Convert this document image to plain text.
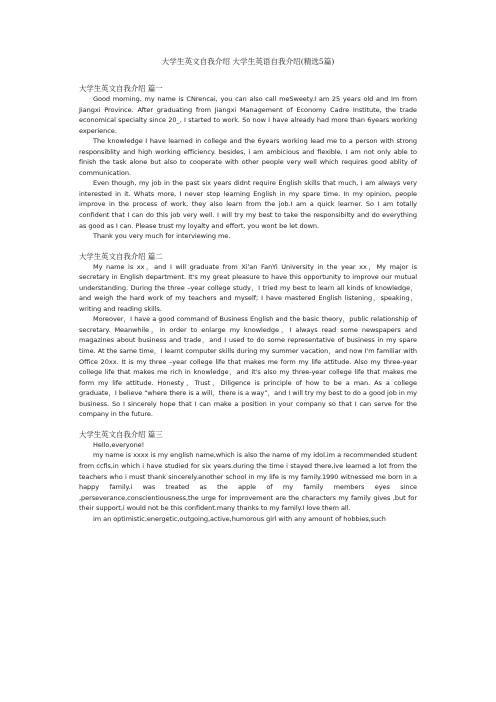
大学生英文自我介绍 大学生英语自我介绍(精选5篇)

大学生英文自我介绍 篇一

Good morning, my name is CNrencai, you can also call meSweety.I am 25 years old and Im from Jiangxi Province. After graduating from Jiangxi Management of Economy Cadre Institute, the trade economical specialty since 20_, I started to work. So now I have already had more than 6years working experience.

The knowledge I have learned in college and the 6years working lead me to a person with strong responsiblity and high working efficiency. besides, i am ambicious and flexible. I am not only able to finish the task alone but also to cooperate with other people very well which requires good ablity of communication.

Even though, my job in the past six years didnt require English skills that much, I am always very interested in it. Whats more, I never stop learning English in my spare time. In my opinion, people improve in the process of work, they also learn from the job.I am a quick learner. So I am totally confident that I can do this job very well. I will try my best to take the responsibilty and do everything as good as I can. Please trust my loyalty and effort, you wont be let down.

Thank you very much for interviewing me.

大学生英文自我介绍 篇二

My name is xx，and I will graduate from Xi'an FanYi University in the year xx，My major is secretary in English department. It's my great pleasure to have this opportunity to improve our mutual understanding. During the three –year college study，I tried my best to learn all kinds of knowledge，and weigh the hard work of my teachers and myself; I have mastered English listening，speaking，writing and reading skills.

Moreover，I have a good command of Business English and the basic theory，public relationship of secretary. Meanwhile，in order to enlarge my knowledge，I always read some newspapers and magazines about business and trade，and I used to do some representative of business in my spare time. At the same time，I learnt computer skills during my summer vacation，and now I'm familiar with Office 20xx. It is my three –year college life that makes me form my life attitude. Also my three-year college life that makes me rich in knowledge，and it's also my three-year college life that makes me form my life attitude. Honesty，Trust，Diligence is principle of how to be a man. As a college graduate，I believe “where there is a will，there is a way”，and I will try my best to do a good job in my business. So I sincerely hope that I can make a position in your company so that I can serve for the company in the future.

大学生英文自我介绍 篇三

Hello,everyone!

my name is xxxx is my english name,which is also the name of my idol.im a recommended student from ccfls,in which i have studied for six years.during the time i stayed there,ive learned a lot from the teachers who i must thank sincerely.another school in my life is my family.1990 witnessed me born in a happy family.i was treated as the apple of my family members eyes since ,perseverance,conscientiousness,the urge for improvement are the characters my family gives ,but for their support,i would not be this confident.many thanks to my family.I love them all.

im an optimistic,energetic,outgoing,active,humorous girl with any amount of hobbies,such
